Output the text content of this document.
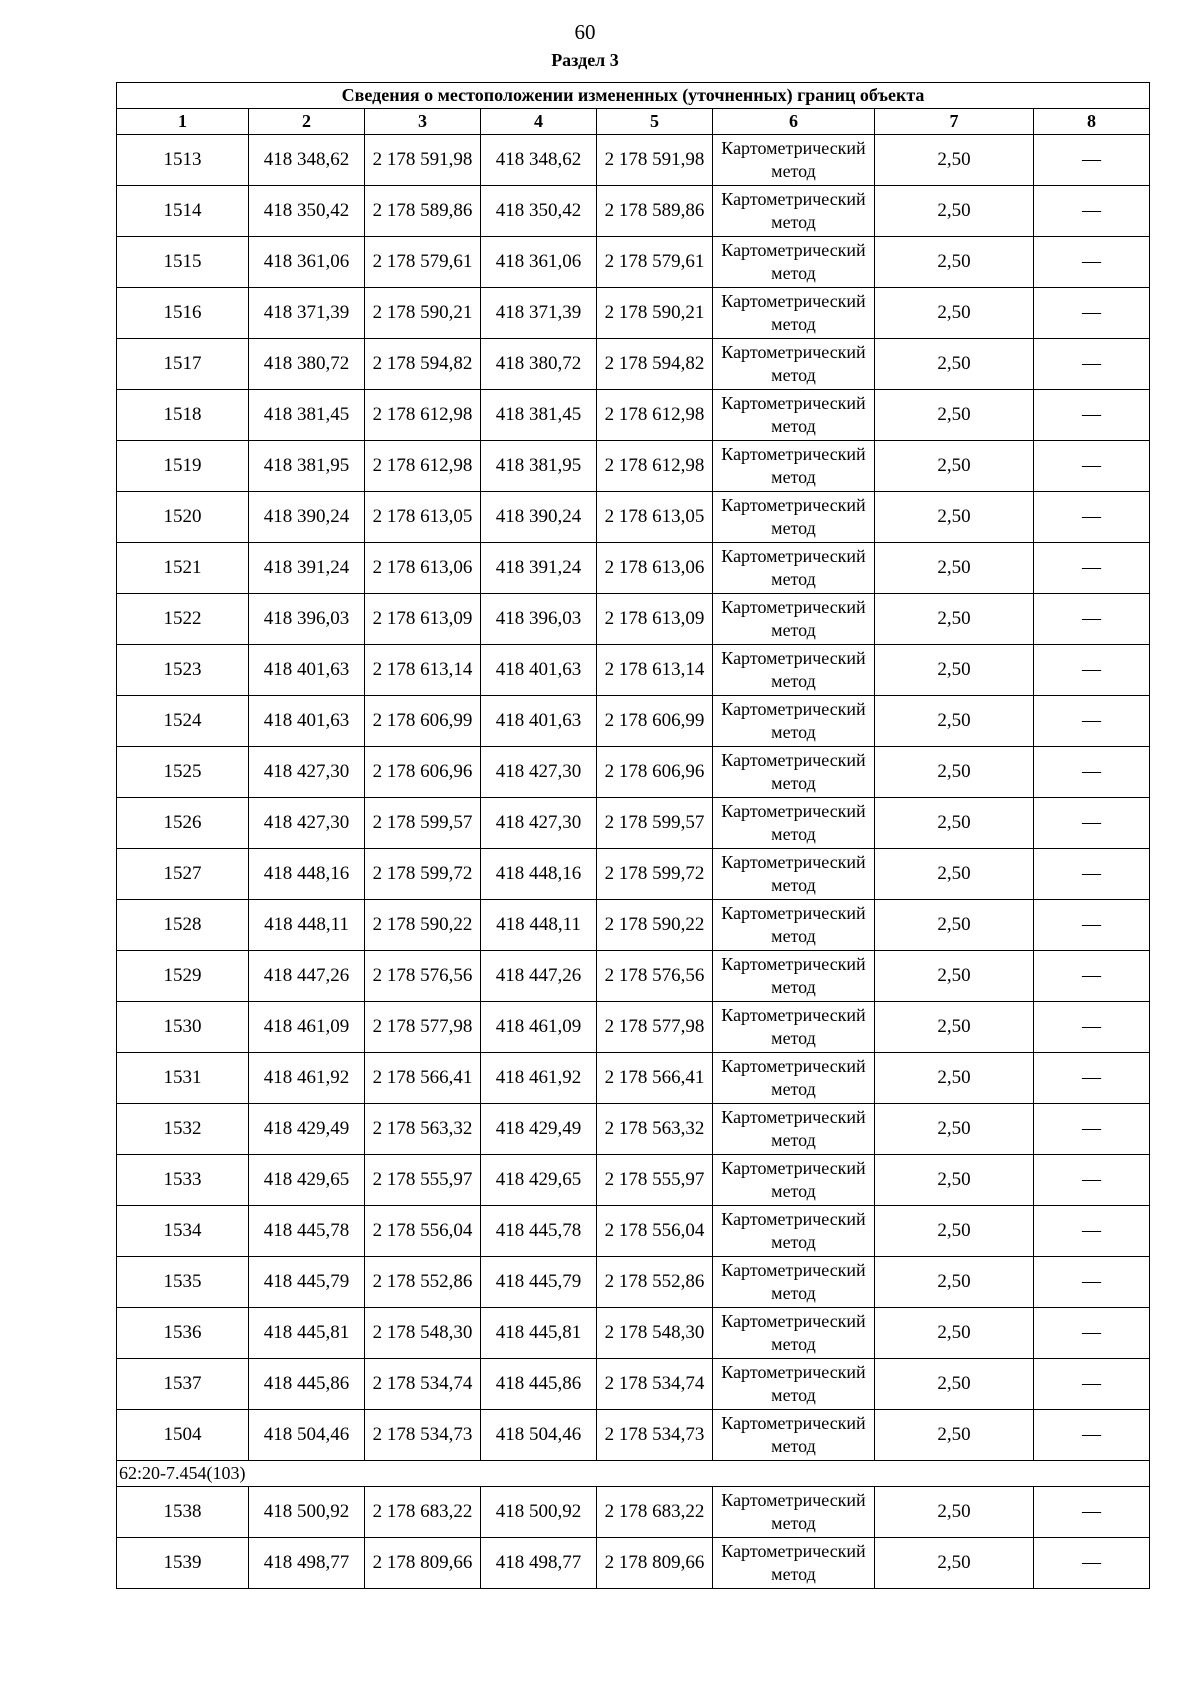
60
Раздел 3
Сведения о местоположении измененных (уточненных) границ объекта							
1	2	3	4	5	6	7	8
1513	418 348,62	2 178 591,98	418 348,62	2 178 591,98	Картометрический метод	2,50	—
1514	418 350,42	2 178 589,86	418 350,42	2 178 589,86	Картометрический метод	2,50	—
1515	418 361,06	2 178 579,61	418 361,06	2 178 579,61	Картометрический метод	2,50	—
1516	418 371,39	2 178 590,21	418 371,39	2 178 590,21	Картометрический метод	2,50	—
1517	418 380,72	2 178 594,82	418 380,72	2 178 594,82	Картометрический метод	2,50	—
1518	418 381,45	2 178 612,98	418 381,45	2 178 612,98	Картометрический метод	2,50	—
1519	418 381,95	2 178 612,98	418 381,95	2 178 612,98	Картометрический метод	2,50	—
1520	418 390,24	2 178 613,05	418 390,24	2 178 613,05	Картометрический метод	2,50	—
1521	418 391,24	2 178 613,06	418 391,24	2 178 613,06	Картометрический метод	2,50	—
1522	418 396,03	2 178 613,09	418 396,03	2 178 613,09	Картометрический метод	2,50	—
1523	418 401,63	2 178 613,14	418 401,63	2 178 613,14	Картометрический метод	2,50	—
1524	418 401,63	2 178 606,99	418 401,63	2 178 606,99	Картометрический метод	2,50	—
1525	418 427,30	2 178 606,96	418 427,30	2 178 606,96	Картометрический метод	2,50	—
1526	418 427,30	2 178 599,57	418 427,30	2 178 599,57	Картометрический метод	2,50	—
1527	418 448,16	2 178 599,72	418 448,16	2 178 599,72	Картометрический метод	2,50	—
1528	418 448,11	2 178 590,22	418 448,11	2 178 590,22	Картометрический метод	2,50	—
1529	418 447,26	2 178 576,56	418 447,26	2 178 576,56	Картометрический метод	2,50	—
1530	418 461,09	2 178 577,98	418 461,09	2 178 577,98	Картометрический метод	2,50	—
1531	418 461,92	2 178 566,41	418 461,92	2 178 566,41	Картометрический метод	2,50	—
1532	418 429,49	2 178 563,32	418 429,49	2 178 563,32	Картометрический метод	2,50	—
1533	418 429,65	2 178 555,97	418 429,65	2 178 555,97	Картометрический метод	2,50	—
1534	418 445,78	2 178 556,04	418 445,78	2 178 556,04	Картометрический метод	2,50	—
1535	418 445,79	2 178 552,86	418 445,79	2 178 552,86	Картометрический метод	2,50	—
1536	418 445,81	2 178 548,30	418 445,81	2 178 548,30	Картометрический метод	2,50	—
1537	418 445,86	2 178 534,74	418 445,86	2 178 534,74	Картометрический метод	2,50	—
1504	418 504,46	2 178 534,73	418 504,46	2 178 534,73	Картометрический метод	2,50	—
62:20-7.454(103)							
1538	418 500,92	2 178 683,22	418 500,92	2 178 683,22	Картометрический метод	2,50	—
1539	418 498,77	2 178 809,66	418 498,77	2 178 809,66	Картометрический метод	2,50	—
